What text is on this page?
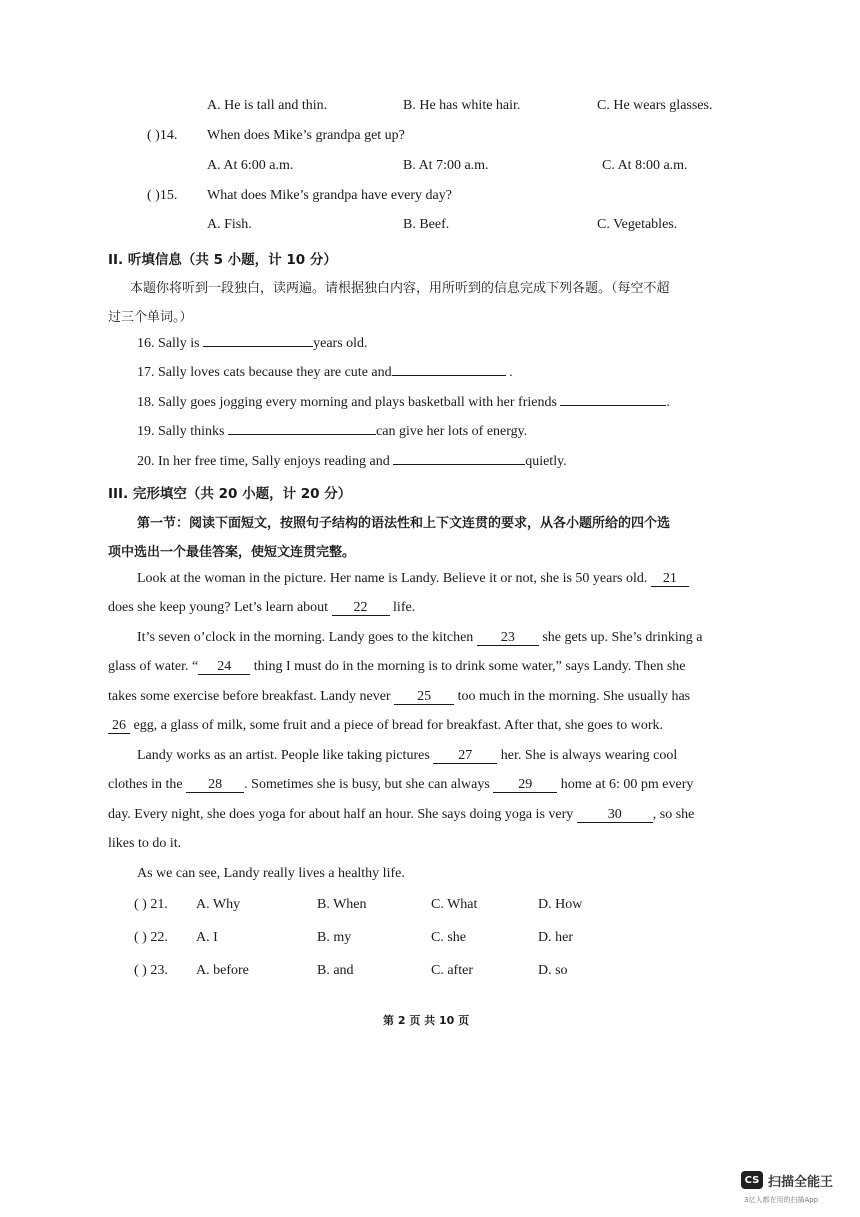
A. He is tall and thin.	B. He has white hair.	C. He wears glasses.
( )14. When does Mike’s grandpa get up?
A. At 6:00 a.m.	B. At 7:00 a.m.	C. At 8:00 a.m.
( )15. What does Mike’s grandpa have every day?
A. Fish.	B. Beef.	C. Vegetables.
II. 听填信息（共 5 小题，计 10 分）
本题你将听到一段独白，读两遍。请根据独白内容，用所听到的信息完成下列各题。（每空不超
过三个单词。）
16. Sally is	years old.
17. Sally loves cats because they are cute and	.
18. Sally goes jogging every morning and plays basketball with her friends	.
19. Sally thinks	can give her lots of energy.
20. In her free time, Sally enjoys reading and	quietly.
III. 完形填空（共 20 小题，计 20 分）
第一节：阅读下面短文，按照句子结构的语法性和上下文连贯的要求，从各小题所给的四个选
项中选出一个最佳答案，使短文连贯完整。
Look at the woman in the picture. Her name is Landy. Believe it or not, she is 50 years old. 21
does she keep young? Let’s learn about 22 life.
It’s seven o’clock in the morning. Landy goes to the kitchen 23 she gets up. She’s drinking a
glass of water. “ 24 thing I must do in the morning is to drink some water,” says Landy. Then she
takes some exercise before breakfast. Landy never 25 too much in the morning. She usually has
26 egg, a glass of milk, some fruit and a piece of bread for breakfast. After that, she goes to work.
Landy works as an artist. People like taking pictures 27 her. She is always wearing cool
clothes in the 28 . Sometimes she is busy, but she can always 29 home at 6: 00 pm every
day. Every night, she does yoga for about half an hour. She says doing yoga is very 30 , so she
likes to do it.
As we can see, Landy really lives a healthy life.
( ) 21. A. Why	B. When	C. What	D. How
( ) 22. A. I	B. my	C. she	D. her
( ) 23. A. before	B. and	C. after	D. so
第 2 页 共 10 页
CS 扫描全能王
3亿人都在用的扫描App
